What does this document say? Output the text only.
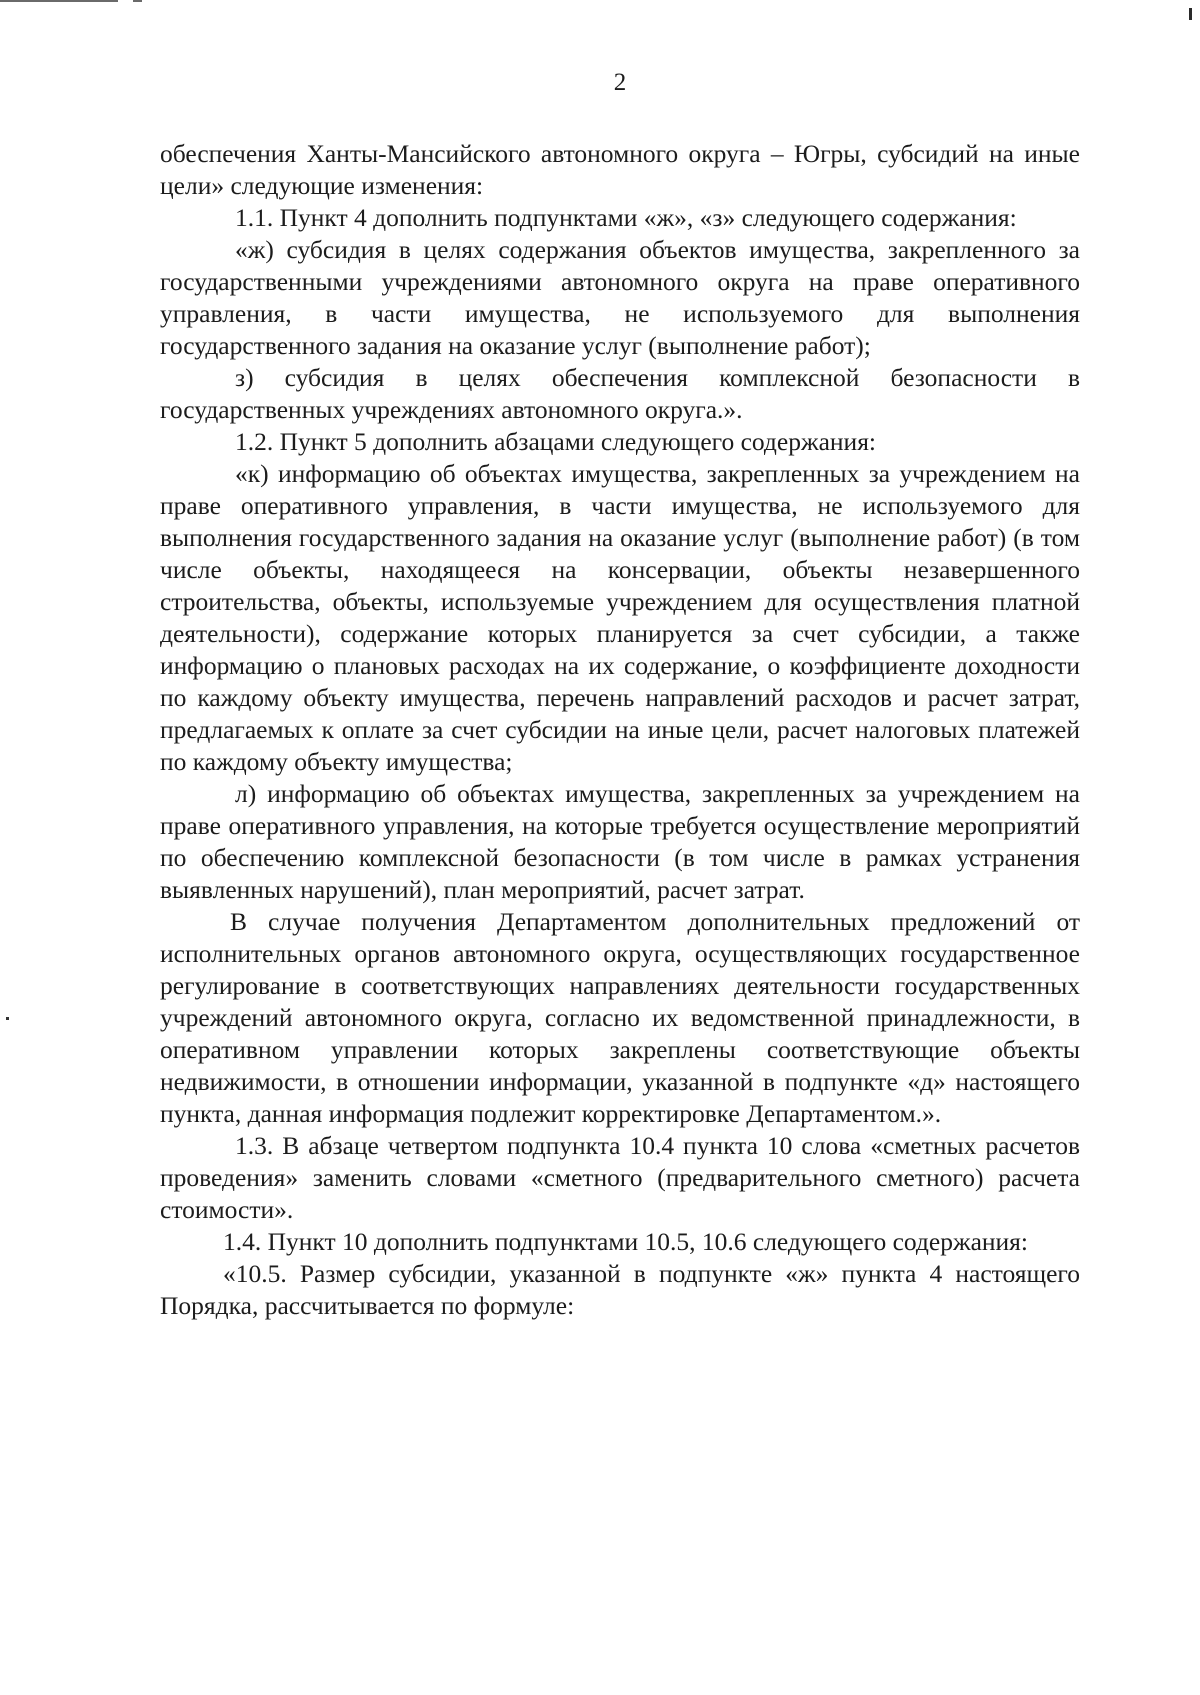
2

обеспечения Ханты-Мансийского автономного округа – Югры, субсидий на иные цели» следующие изменения:

1.1. Пункт 4 дополнить подпунктами «ж», «з» следующего содержания:

«ж) субсидия в целях содержания объектов имущества, закрепленного за государственными учреждениями автономного округа на праве оперативного управления, в части имущества, не используемого для выполнения государственного задания на оказание услуг (выполнение работ);

з) субсидия в целях обеспечения комплексной безопасности в государственных учреждениях автономного округа.».

1.2. Пункт 5 дополнить абзацами следующего содержания:

«к) информацию об объектах имущества, закрепленных за учреждением на праве оперативного управления, в части имущества, не используемого для выполнения государственного задания на оказание услуг (выполнение работ) (в том числе объекты, находящееся на консервации, объекты незавершенного строительства, объекты, используемые учреждением для осуществления платной деятельности), содержание которых планируется за счет субсидии, а также информацию о плановых расходах на их содержание, о коэффициенте доходности по каждому объекту имущества, перечень направлений расходов и расчет затрат, предлагаемых к оплате за счет субсидии на иные цели, расчет налоговых платежей по каждому объекту имущества;

л) информацию об объектах имущества, закрепленных за учреждением на праве оперативного управления, на которые требуется осуществление мероприятий по обеспечению комплексной безопасности (в том числе в рамках устранения выявленных нарушений), план мероприятий, расчет затрат.

В случае получения Департаментом дополнительных предложений от исполнительных органов автономного округа, осуществляющих государственное регулирование в соответствующих направлениях деятельности государственных учреждений автономного округа, согласно их ведомственной принадлежности, в оперативном управлении которых закреплены соответствующие объекты недвижимости, в отношении информации, указанной в подпункте «д» настоящего пункта, данная информация подлежит корректировке Департаментом.».

1.3. В абзаце четвертом подпункта 10.4 пункта 10 слова «сметных расчетов проведения» заменить словами «сметного (предварительного сметного) расчета стоимости».

1.4. Пункт 10 дополнить подпунктами 10.5, 10.6 следующего содержания:

«10.5. Размер субсидии, указанной в подпункте «ж» пункта 4 настоящего Порядка, рассчитывается по формуле:
